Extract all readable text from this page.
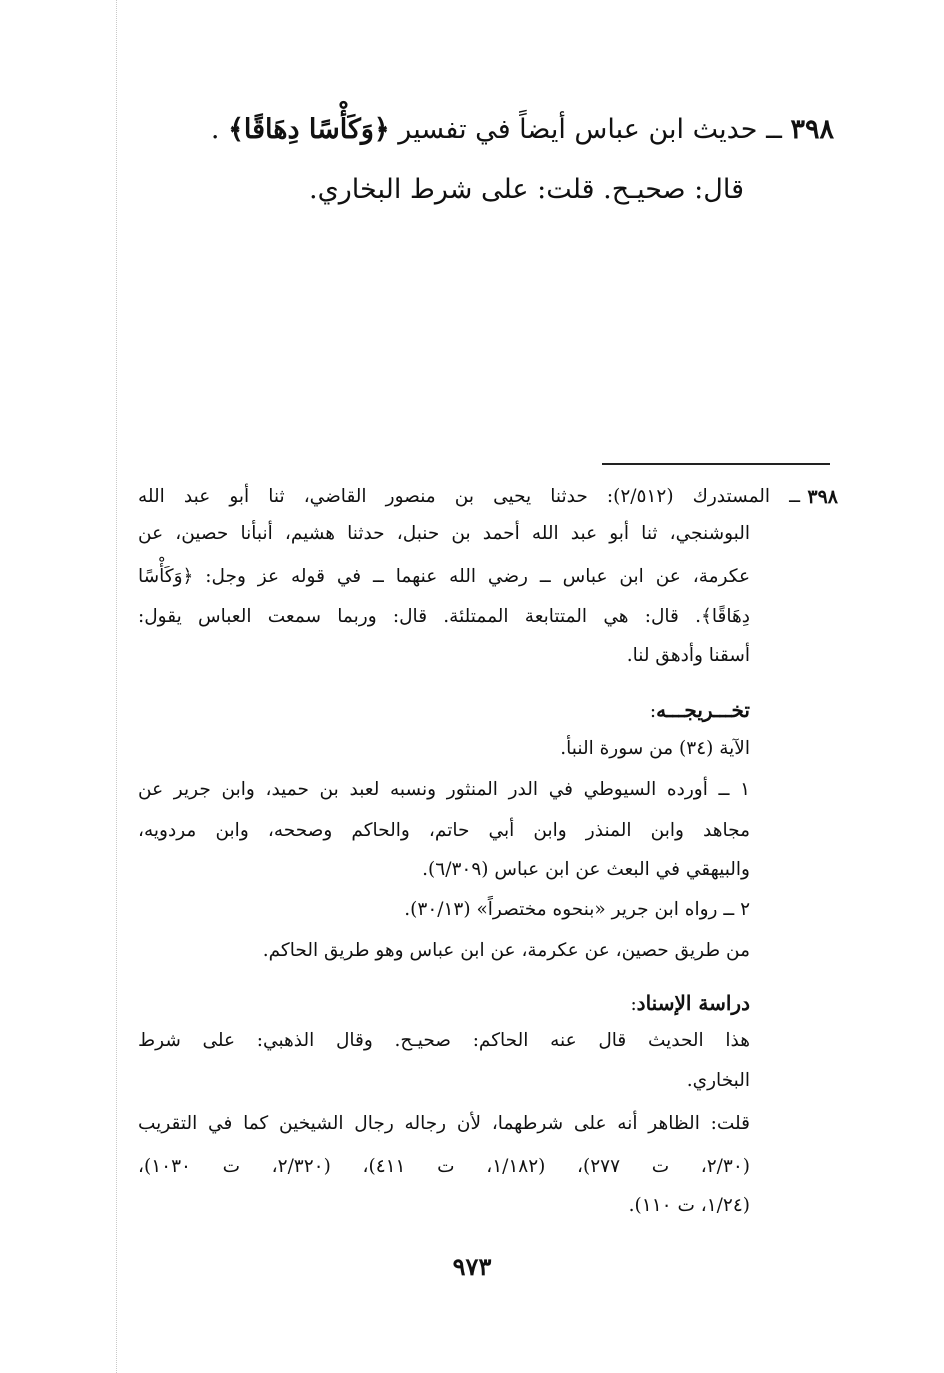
٣٩٨ ــ حديث ابن عباس أيضاً في تفسير ﴿وَكَأْسًا دِهَاقًا﴾ .
قال: صحيـح. قلت: على شرط البخاري.
٣٩٨
ــ المستدرك (٢/٥١٢): حدثنا يحيى بن منصور القاضي، ثنا أبو عبد الله
البوشنجي، ثنا أبو عبد الله أحمد بن حنبل، حدثنا هشيم، أنبأنا حصين، عن
عكرمة، عن ابن عباس ــ رضي الله عنهما ــ في قوله عز وجل: ﴿وَكَأْسًا
دِهَاقًا﴾. قال: هي المتتابعة الممتلئة. قال: وربما سمعت العباس يقول:
أسقنا وأدهق لنا.
تخـــريجـــه:
الآية (٣٤) من سورة النبأ.
١ ــ أورده السيوطي في الدر المنثور ونسبه لعبد بن حميد، وابن جرير عن
مجاهد وابن المنذر وابن أبي حاتم، والحاكم وصححه، وابن مردويه،
والبيهقي في البعث عن ابن عباس (٦/٣٠٩).
٢ ــ رواه ابن جرير «بنحوه مختصراً» (٣٠/١٣).
من طريق حصين، عن عكرمة، عن ابن عباس وهو طريق الحاكم.
دراسة الإسناد:
هذا الحديث قال عنه الحاكم: صحيـح. وقال الذهبي: على شرط
البخاري.
قلت: الظاهر أنه على شرطهما، لأن رجاله رجال الشيخين كما في التقريب
(٢/٣٠، ت ٢٧٧)، (١/١٨٢، ت ٤١١)، (٢/٣٢٠، ت ١٠٣٠)،
(١/٢٤، ت ١١٠).
٩٧٣
